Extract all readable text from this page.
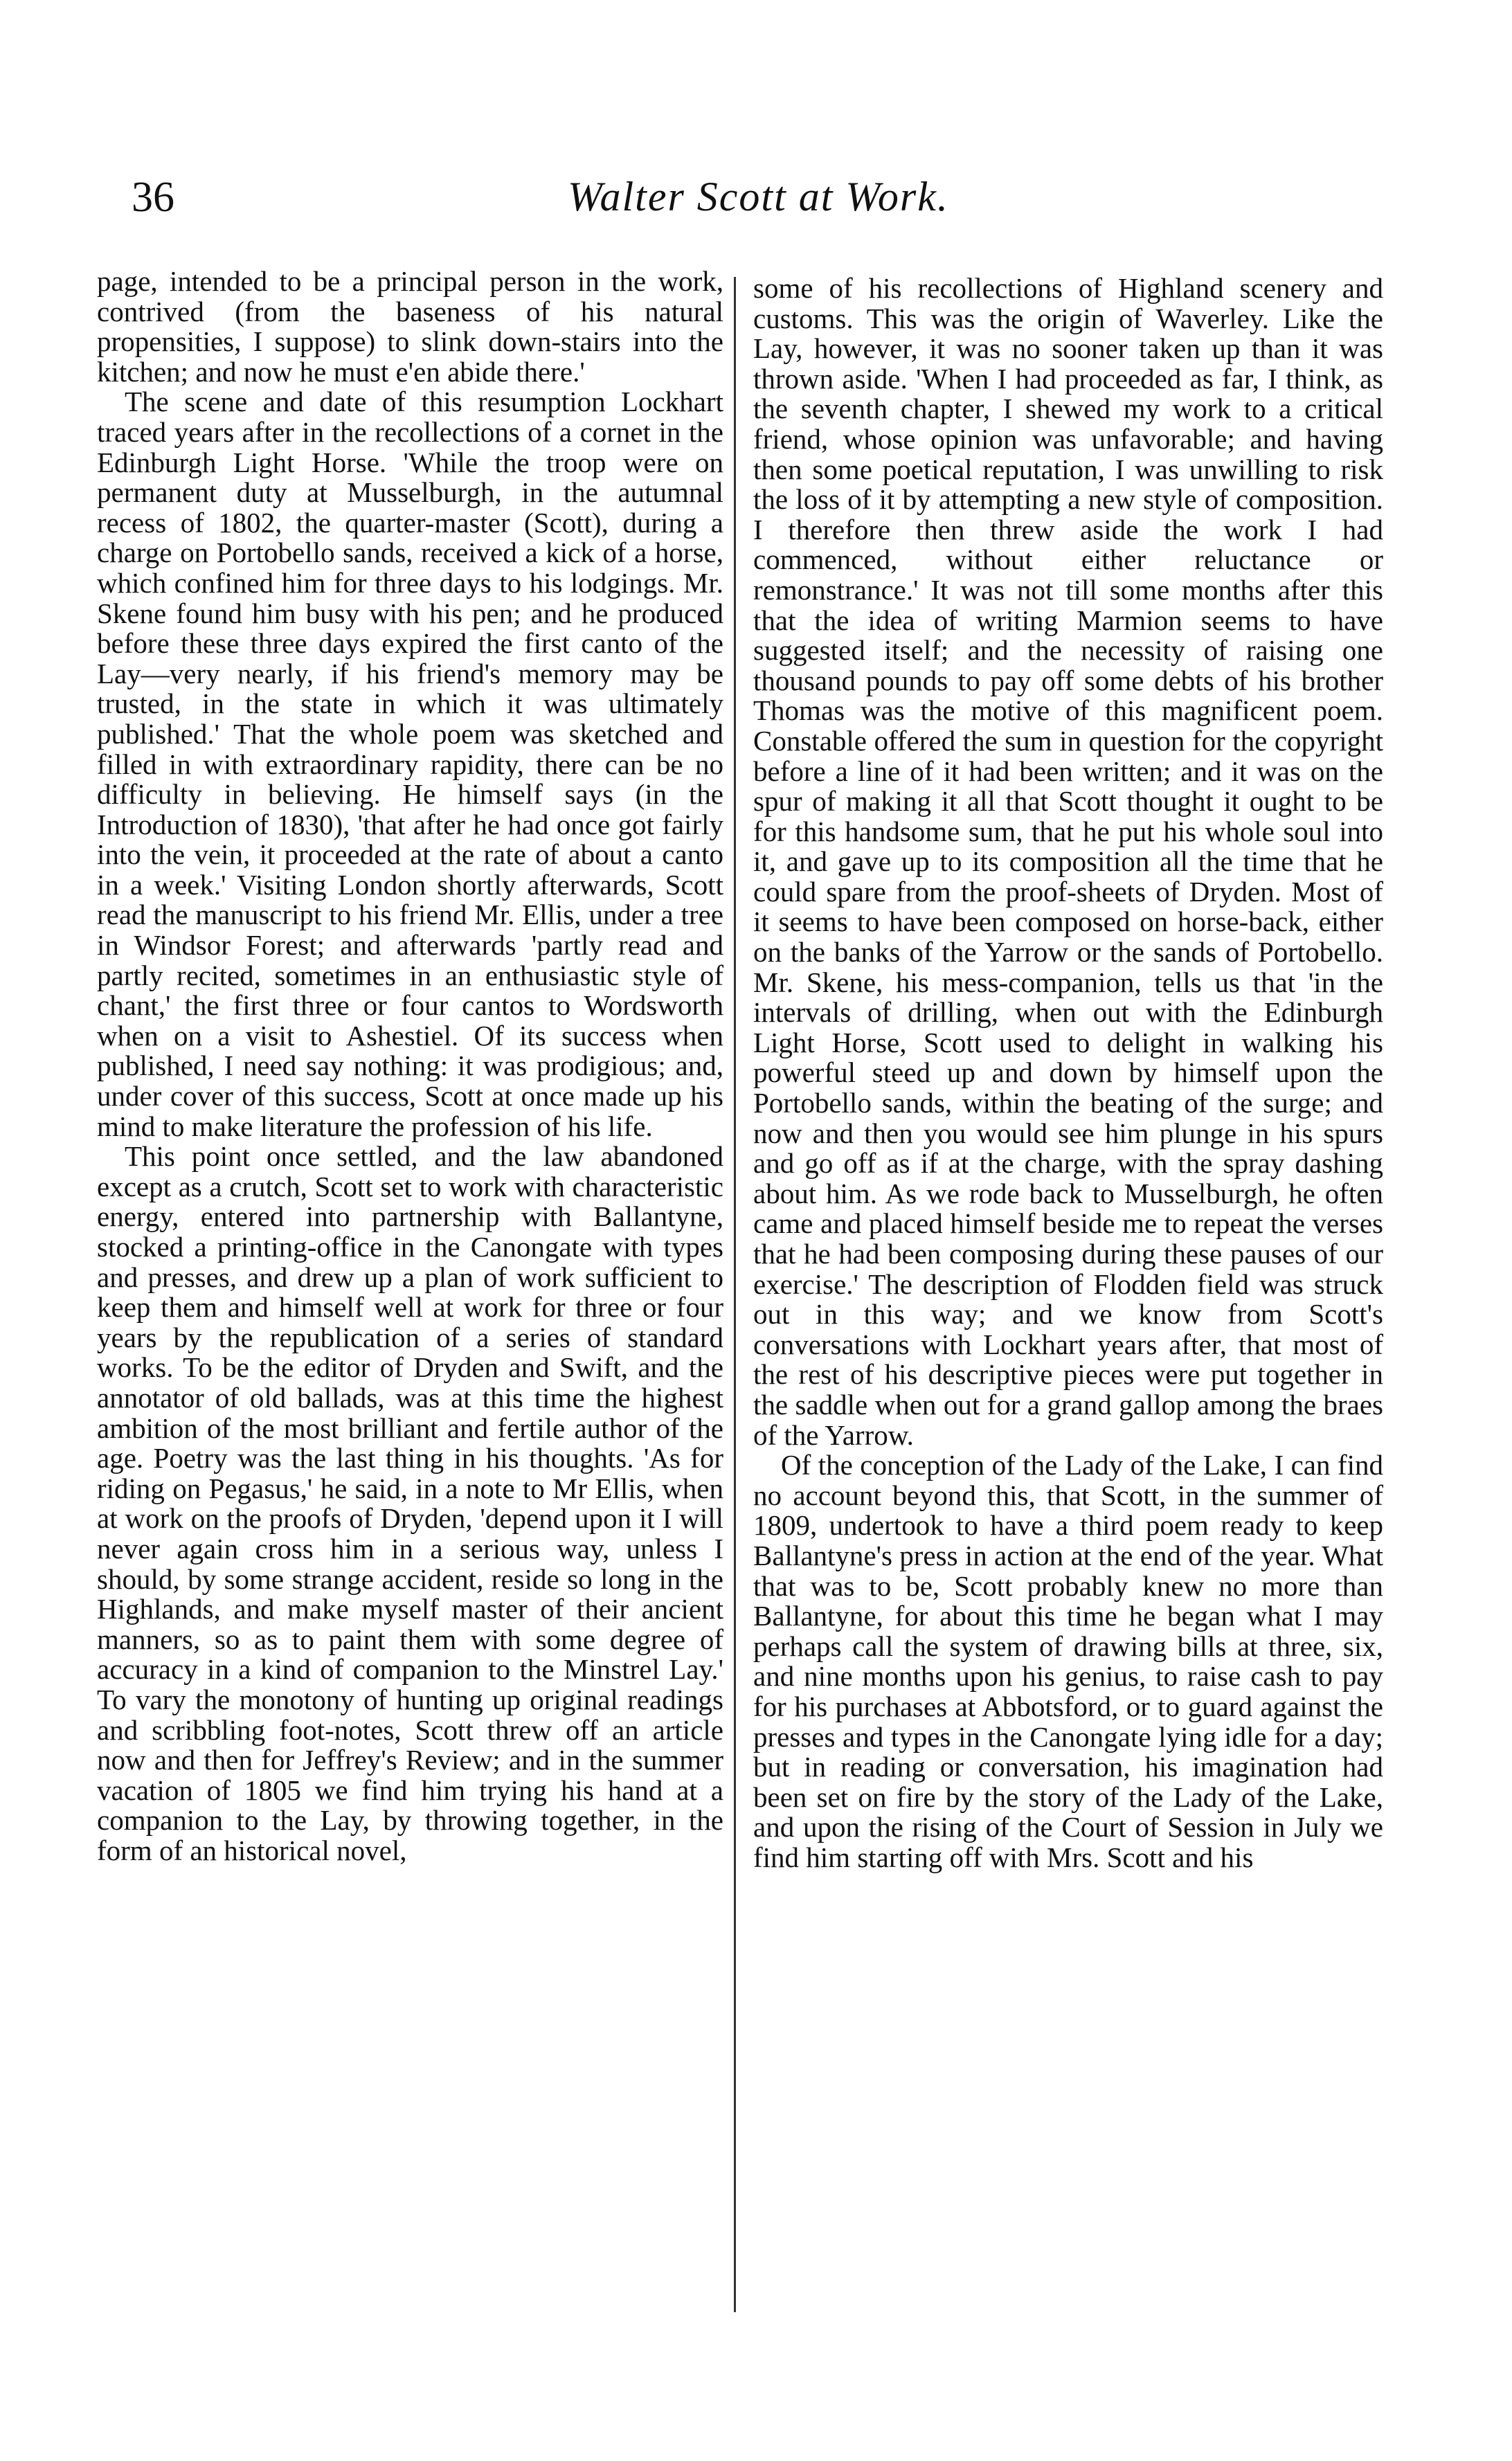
36	Walter Scott at Work.

page, intended to be a principal person in the work, contrived (from the baseness of his natural propensities, I suppose) to slink down-stairs into the kitchen; and now he must e'en abide there.'

The scene and date of this resumption Lockhart traced years after in the recollections of a cornet in the Edinburgh Light Horse. 'While the troop were on permanent duty at Musselburgh, in the autumnal recess of 1802, the quarter-master (Scott), during a charge on Portobello sands, received a kick of a horse, which confined him for three days to his lodgings. Mr. Skene found him busy with his pen; and he produced before these three days expired the first canto of the Lay—very nearly, if his friend's memory may be trusted, in the state in which it was ultimately published.' That the whole poem was sketched and filled in with extraordinary rapidity, there can be no difficulty in believing. He himself says (in the Introduction of 1830), 'that after he had once got fairly into the vein, it proceeded at the rate of about a canto in a week.' Visiting London shortly afterwards, Scott read the manuscript to his friend Mr. Ellis, under a tree in Windsor Forest; and afterwards 'partly read and partly recited, sometimes in an enthusiastic style of chant,' the first three or four cantos to Wordsworth when on a visit to Ashestiel. Of its success when published, I need say nothing: it was prodigious; and, under cover of this success, Scott at once made up his mind to make literature the profession of his life.

This point once settled, and the law abandoned except as a crutch, Scott set to work with characteristic energy, entered into partnership with Ballantyne, stocked a printing-office in the Canongate with types and presses, and drew up a plan of work sufficient to keep them and himself well at work for three or four years by the republication of a series of standard works. To be the editor of Dryden and Swift, and the annotator of old ballads, was at this time the highest ambition of the most brilliant and fertile author of the age. Poetry was the last thing in his thoughts. 'As for riding on Pegasus,' he said, in a note to Mr Ellis, when at work on the proofs of Dryden, 'depend upon it I will never again cross him in a serious way, unless I should, by some strange accident, reside so long in the Highlands, and make myself master of their ancient manners, so as to paint them with some degree of accuracy in a kind of companion to the Minstrel Lay.' To vary the monotony of hunting up original readings and scribbling foot-notes, Scott threw off an article now and then for Jeffrey's Review; and in the summer vacation of 1805 we find him trying his hand at a companion to the Lay, by throwing together, in the form of an historical novel,

some of his recollections of Highland scenery and customs. This was the origin of Waverley. Like the Lay, however, it was no sooner taken up than it was thrown aside. 'When I had proceeded as far, I think, as the seventh chapter, I shewed my work to a critical friend, whose opinion was unfavorable; and having then some poetical reputation, I was unwilling to risk the loss of it by attempting a new style of composition. I therefore then threw aside the work I had commenced, without either reluctance or remonstrance.' It was not till some months after this that the idea of writing Marmion seems to have suggested itself; and the necessity of raising one thousand pounds to pay off some debts of his brother Thomas was the motive of this magnificent poem. Constable offered the sum in question for the copyright before a line of it had been written; and it was on the spur of making it all that Scott thought it ought to be for this handsome sum, that he put his whole soul into it, and gave up to its composition all the time that he could spare from the proof-sheets of Dryden. Most of it seems to have been composed on horse-back, either on the banks of the Yarrow or the sands of Portobello. Mr. Skene, his mess-companion, tells us that 'in the intervals of drilling, when out with the Edinburgh Light Horse, Scott used to delight in walking his powerful steed up and down by himself upon the Portobello sands, within the beating of the surge; and now and then you would see him plunge in his spurs and go off as if at the charge, with the spray dashing about him. As we rode back to Musselburgh, he often came and placed himself beside me to repeat the verses that he had been composing during these pauses of our exercise.' The description of Flodden field was struck out in this way; and we know from Scott's conversations with Lockhart years after, that most of the rest of his descriptive pieces were put together in the saddle when out for a grand gallop among the braes of the Yarrow.

Of the conception of the Lady of the Lake, I can find no account beyond this, that Scott, in the summer of 1809, undertook to have a third poem ready to keep Ballantyne's press in action at the end of the year. What that was to be, Scott probably knew no more than Ballantyne, for about this time he began what I may perhaps call the system of drawing bills at three, six, and nine months upon his genius, to raise cash to pay for his purchases at Abbotsford, or to guard against the presses and types in the Canongate lying idle for a day; but in reading or conversation, his imagination had been set on fire by the story of the Lady of the Lake, and upon the rising of the Court of Session in July we find him starting off with Mrs. Scott and his
